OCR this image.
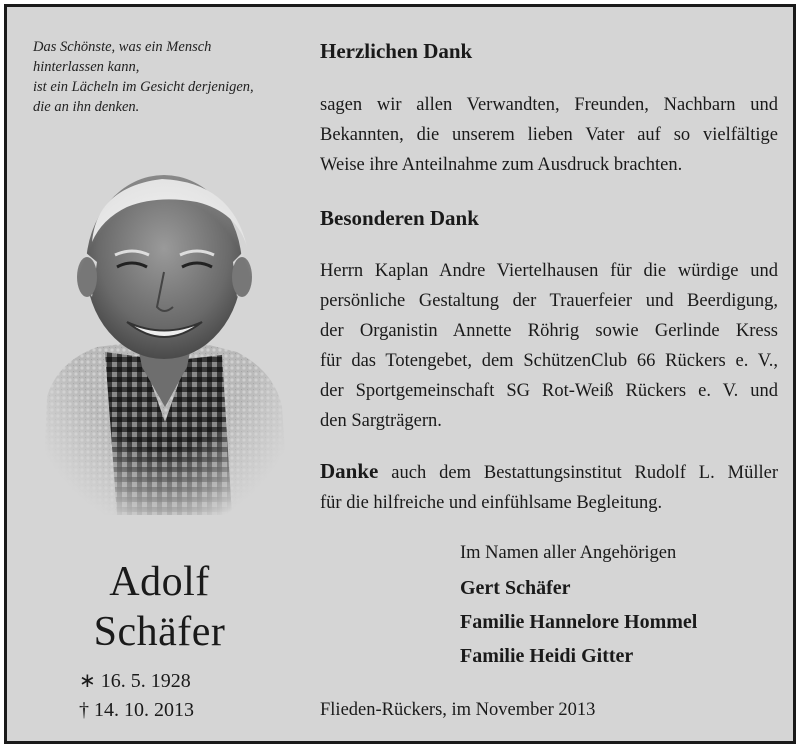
Das Schönste, was ein Mensch
hinterlassen kann,
ist ein Lächeln im Gesicht derjenigen,
die an ihn denken.
Adolf
Schäfer
∗ 16. 5. 1928
† 14. 10. 2013
Herzlichen Dank
sagen wir allen Verwandten, Freunden, Nachbarn und
Bekannten, die unserem lieben Vater auf so vielfältige
Weise ihre Anteilnahme zum Ausdruck brachten.
Besonderen Dank
Herrn Kaplan Andre Viertelhausen für die würdige und
persönliche Gestaltung der Trauerfeier und Beerdigung,
der Organistin Annette Röhrig sowie Gerlinde Kress
für das Totengebet, dem SchützenClub 66 Rückers e. V.,
der Sportgemeinschaft SG Rot-Weiß Rückers e. V. und
den Sargträgern.
Danke auch dem Bestattungsinstitut Rudolf L. Müller
für die hilfreiche und einfühlsame Begleitung.
Im Namen aller Angehörigen
Gert Schäfer
Familie Hannelore Hommel
Familie Heidi Gitter
Flieden-Rückers, im November 2013
